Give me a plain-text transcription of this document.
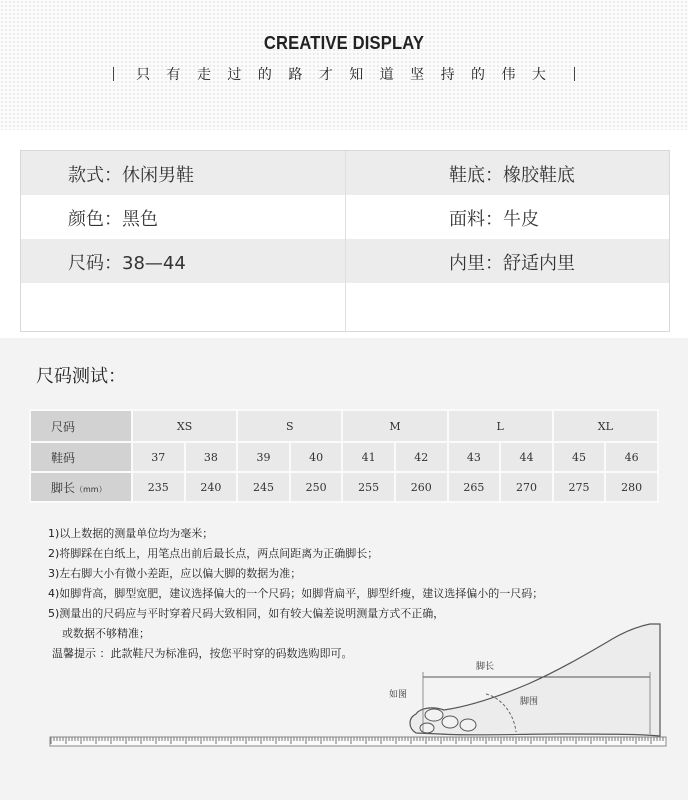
CREATIVE DISPLAY
只 有 走 过 的 路 才 知 道 坚 持 的 伟 大
款式：休闲男鞋	鞋底：橡胶鞋底
颜色：黑色	面料：牛皮
尺码：38—44	内里：舒适内里
尺码测试：
尺码	XS		S		M		L		XL	
鞋码	37	38	39	40	41	42	43	44	45	46
脚长（mm）	235	240	245	250	255	260	265	270	275	280
1)以上数据的测量单位均为毫米；
2)将脚踩在白纸上，用笔点出前后最长点，两点间距离为正确脚长；
3)左右脚大小有微小差距，应以偏大脚的数据为准；
4)如脚背高，脚型宽肥，建议选择偏大的一个尺码；如脚背扁平，脚型纤瘦，建议选择偏小的一尺码；
5)测量出的尺码应与平时穿着尺码大致相同，如有较大偏差说明测量方式不正确，
或数据不够精准；
温馨提示 ：此款鞋尺为标准码，按您平时穿的码数选购即可。
脚长
如图
脚围
